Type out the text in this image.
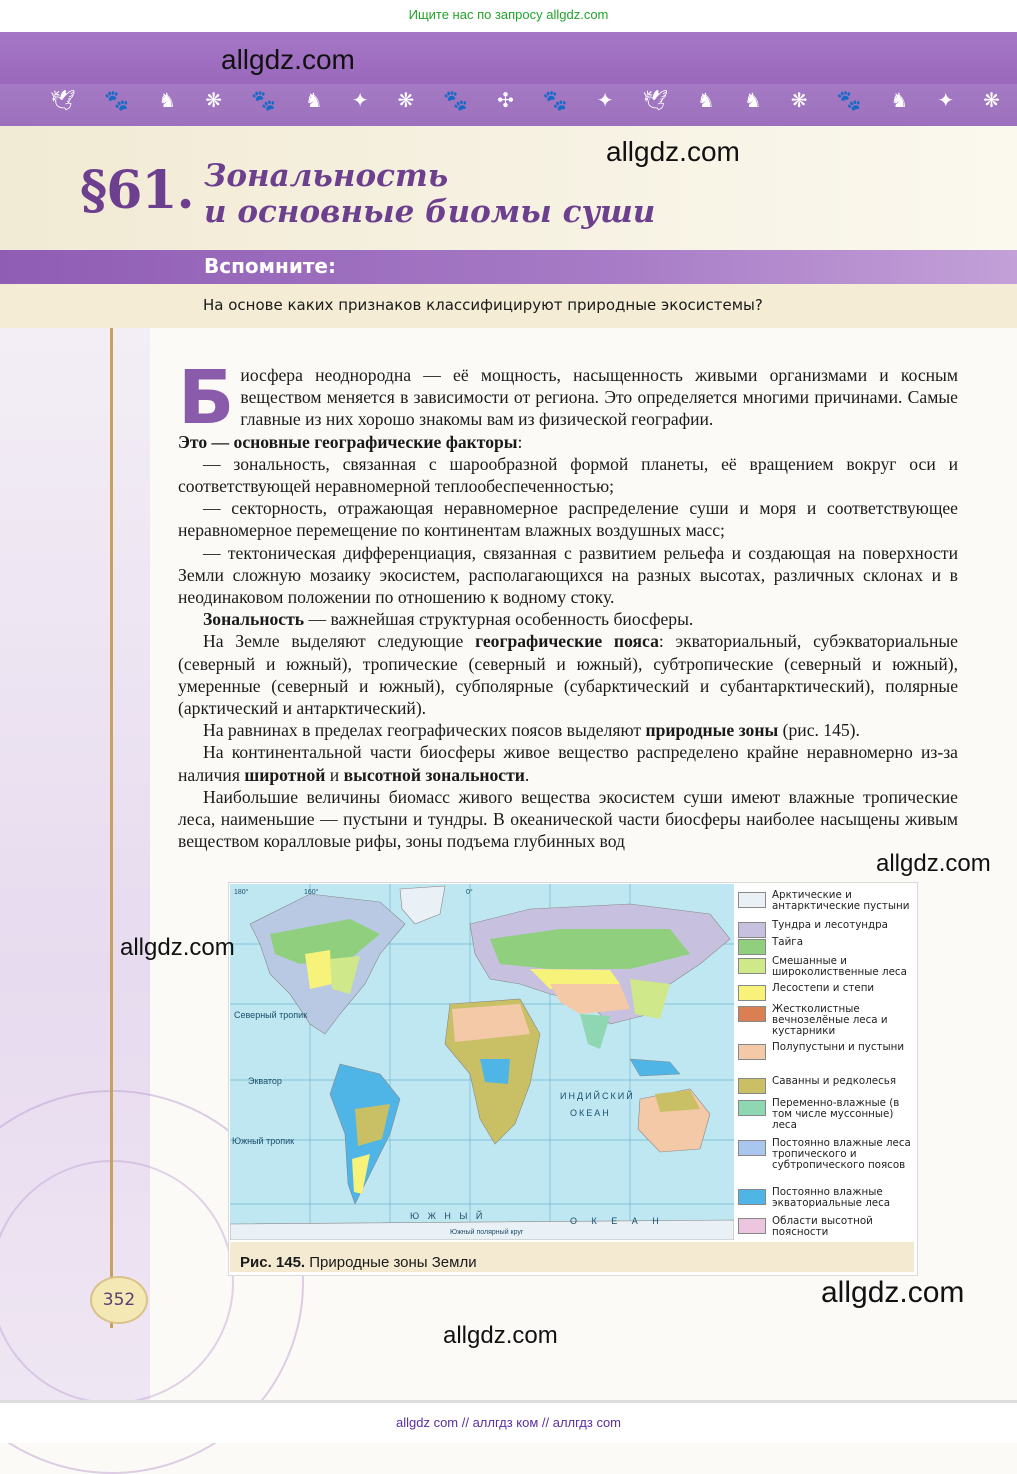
Ищите нас по запросу allgdz.com
🕊 🐾 ♞ ❋ 🐾 ♞ ✦ ❋ 🐾 ✣ 🐾 ✦ 🕊 ♞ ♞ ❋ 🐾 ♞ ✦ ❋
§61. Зональность
и основные биомы суши
Вспомните:
На основе каких признаков классифицируют природные экосистемы?

Биосфера неоднородна — её мощность, насыщенность живыми организмами и косным веществом меняется в зависимости от региона. Это определяется многими причинами. Самые главные из них хорошо знакомы вам из физической географии.
Это — основные географические факторы:

— зональность, связанная с шарообразной формой планеты, её вращением вокруг оси и соответствующей неравномерной теплообеспеченностью;

— секторность, отражающая неравномерное распределение суши и моря и соответствующее неравномерное перемещение по континентам влажных воздушных масс;

— тектоническая дифференциация, связанная с развитием рельефа и создающая на поверхности Земли сложную мозаику экосистем, располагающихся на разных высотах, различных склонах и в неодинаковом положении по отношению к водному стоку.

Зональность — важнейшая структурная особенность биосферы.

На Земле выделяют следующие географические пояса: экваториальный, субэкваториальные (северный и южный), тропические (северный и южный), субтропические (северный и южный), умеренные (северный и южный), субполярные (субарктический и субантарктический), полярные (арктический и антарктический).

На равнинах в пределах географических поясов выделяют природные зоны (рис. 145).

На континентальной части биосферы живое вещество распределено крайне неравномерно из-за наличия широтной и высотной зональности.

Наибольшие величины биомасс живого вещества экосистем суши имеют влажные тропические леса, наименьшие — пустыни и тундры. В океанической части биосферы наиболее насыщены живым веществом коралловые рифы, зоны подъема глубинных вод

Экватор
Южный тропик
Северный тропик
ИНДИЙСКИЙ
ОКЕАН
Ю Ж Н Ы Й	О К Е А Н
Южный полярный круг
180°	160°	0°	Арктические и антарктические пустыни
Тундра и лесотундра
Тайга
Смешанные и широколиственные леса
Лесостепи и степи
Жестколистные вечнозелёные леса и кустарники
Полупустыни и пустыни
Саванны и редколесья
Переменно-влажные (в том числе муссонные) леса
Постоянно влажные леса тропического и субтропического поясов
Постоянно влажные экваториальные леса
Области высотной поясности
Рис. 145. Природные зоны Земли
352
allgdz.com
allgdz.com
allgdz.com
allgdz.com
allgdz.com
allgdz.com
allgdz com // аллгдз ком // аллгдз com
